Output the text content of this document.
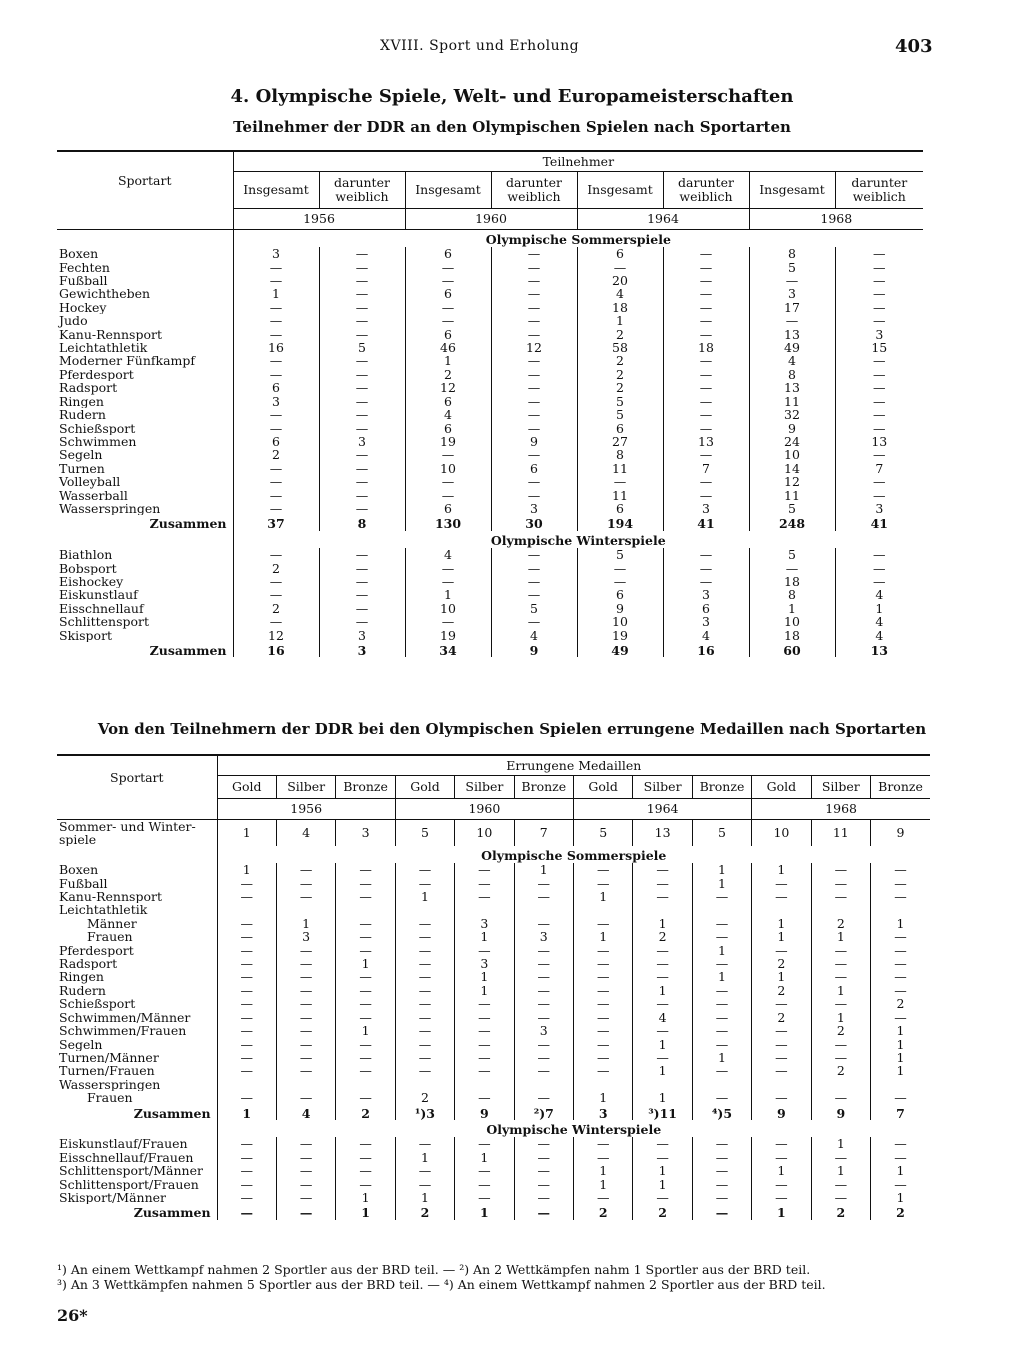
XVIII. Sport und Erholung	403
4. Olympische Spiele, Welt- und Europameisterschaften
Teilnehmer der DDR an den Olympischen Spielen nach Sportarten
Sportart	Teilnehmer							
	Insgesamt	darunter weiblich	Insgesamt	darunter weiblich	Insgesamt	darunter weiblich	Insgesamt	darunter weiblich
	1956		1960		1964		1968	
	Olympische Sommerspiele							
Boxen	3	—	6	—	6	—	8	—
Fechten	—	—	—	—	—	—	5	—
Fußball	—	—	—	—	20	—	—	—
Gewichtheben	1	—	6	—	4	—	3	—
Hockey	—	—	—	—	18	—	17	—
Judo	—	—	—	—	1	—	—	—
Kanu-Rennsport	—	—	6	—	2	—	13	3
Leichtathletik	16	5	46	12	58	18	49	15
Moderner Fünfkampf	—	—	1	—	2	—	4	—
Pferdesport	—	—	2	—	2	—	8	—
Radsport	6	—	12	—	2	—	13	—
Ringen	3	—	6	—	5	—	11	—
Rudern	—	—	4	—	5	—	32	—
Schießsport	—	—	6	—	6	—	9	—
Schwimmen	6	3	19	9	27	13	24	13
Segeln	2	—	—	—	8	—	10	—
Turnen	—	—	10	6	11	7	14	7
Volleyball	—	—	—	—	—	—	12	—
Wasserball	—	—	—	—	11	—	11	—
Wasserspringen	—	—	6	3	6	3	5	3
Zusammen	37	8	130	30	194	41	248	41
	Olympische Winterspiele							
Biathlon	—	—	4	—	5	—	5	—
Bobsport	2	—	—	—	—	—	—	—
Eishockey	—	—	—	—	—	—	18	—
Eiskunstlauf	—	—	1	—	6	3	8	4
Eisschnellauf	2	—	10	5	9	6	1	1
Schlittensport	—	—	—	—	10	3	10	4
Skisport	12	3	19	4	19	4	18	4
Zusammen	16	3	34	9	49	16	60	13
Von den Teilnehmern der DDR bei den Olympischen Spielen errungene Medaillen nach Sportarten
Sportart	Errungene Medaillen											
	Gold	Silber	Bronze	Gold	Silber	Bronze	Gold	Silber	Bronze	Gold	Silber	Bronze
	1956			1960			1964			1968		
Sommer- und Winter-spiele	1	4	3	5	10	7	5	13	5	10	11	9
	Olympische Sommerspiele											
Boxen	1	—	—	—	—	1	—	—	1	1	—	—
Fußball	—	—	—	—	—	—	—	—	1	—	—	—
Kanu-Rennsport	—	—	—	1	—	—	1	—	—	—	—	—
Leichtathletik												
Männer	—	1	—	—	3	—	—	1	—	1	2	1
Frauen	—	3	—	—	1	3	1	2	—	1	1	—
Pferdesport	—	—	—	—	—	—	—	—	1	—	—	—
Radsport	—	—	1	—	3	—	—	—	—	2	—	—
Ringen	—	—	—	—	1	—	—	—	1	1	—	—
Rudern	—	—	—	—	1	—	—	1	—	2	1	—
Schießsport	—	—	—	—	—	—	—	—	—	—	—	2
Schwimmen/Männer	—	—	—	—	—	—	—	4	—	2	1	—
Schwimmen/Frauen	—	—	1	—	—	3	—	—	—	—	2	1
Segeln	—	—	—	—	—	—	—	1	—	—	—	1
Turnen/Männer	—	—	—	—	—	—	—	—	1	—	—	1
Turnen/Frauen	—	—	—	—	—	—	—	1	—	—	2	1
Wasserspringen												
Frauen	—	—	—	2	—	—	1	1	—	—	—	—
Zusammen	1	4	2	¹)3	9	²)7	3	³)11	⁴)5	9	9	7
	Olympische Winterspiele											
Eiskunstlauf/Frauen	—	—	—	—	—	—	—	—	—	—	1	—
Eisschnellauf/Frauen	—	—	—	1	1	—	—	—	—	—	—	—
Schlittensport/Männer	—	—	—	—	—	—	1	1	—	1	1	1
Schlittensport/Frauen	—	—	—	—	—	—	1	1	—	—	—	—
Skisport/Männer	—	—	1	1	—	—	—	—	—	—	—	1
Zusammen	—	—	1	2	1	—	2	2	—	1	2	2
¹) An einem Wettkampf nahmen 2 Sportler aus der BRD teil. — ²) An 2 Wettkämpfen nahm 1 Sportler aus der BRD teil.
³) An 3 Wettkämpfen nahmen 5 Sportler aus der BRD teil. — ⁴) An einem Wettkampf nahmen 2 Sportler aus der BRD teil.
26*
